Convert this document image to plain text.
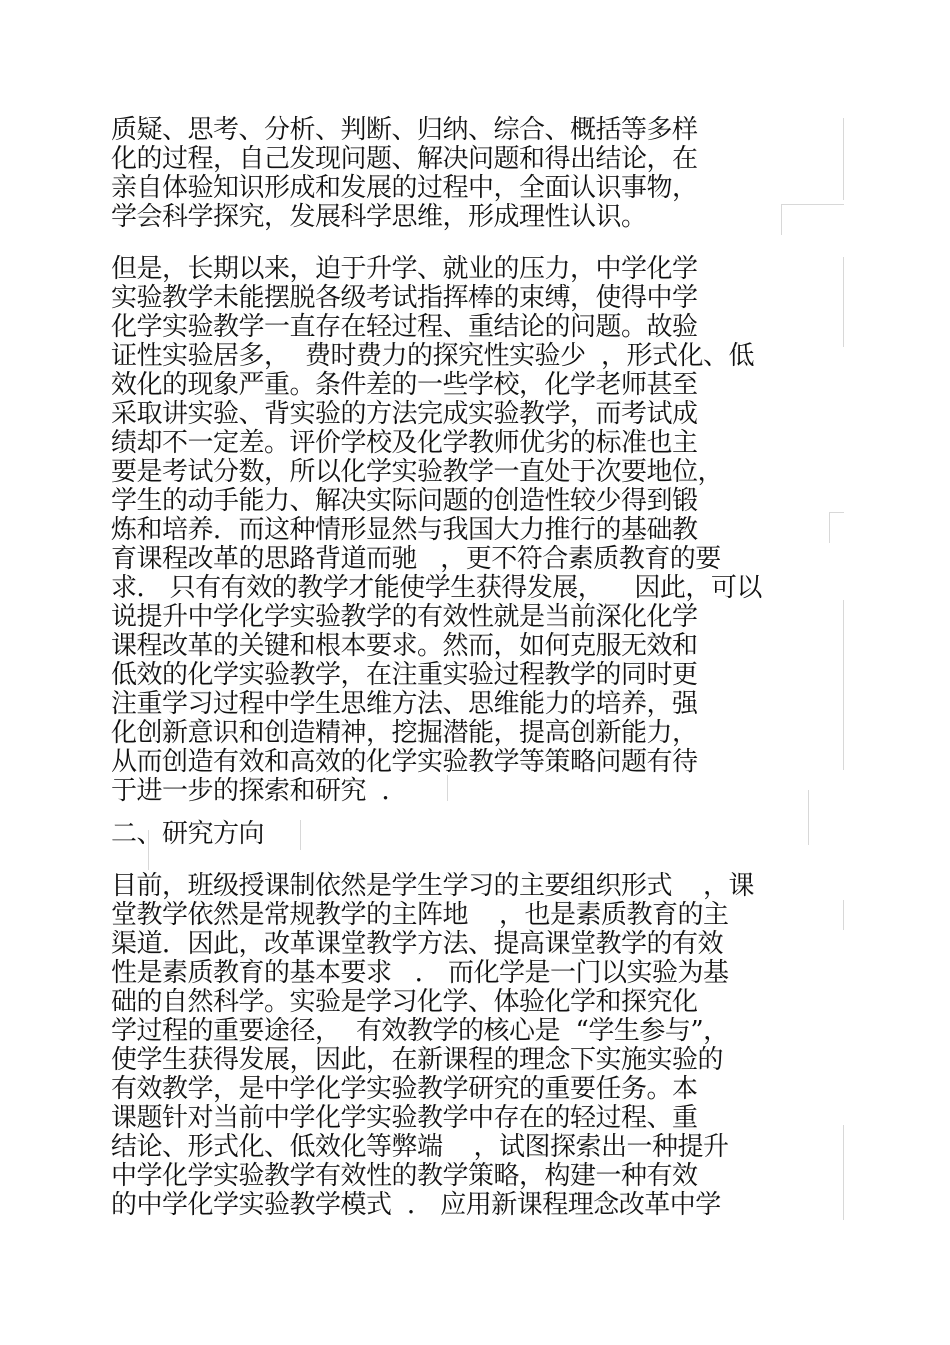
质疑、思考、分析、判断、归纳、综合、概括等多样
化的过程，自己发现问题、解决问题和得出结论，在
亲自体验知识形成和发展的过程中，全面认识事物，
学会科学探究，发展科学思维，形成理性认识。
但是，长期以来，迫于升学、就业的压力，中学化学
实验教学未能摆脱各级考试指挥棒的束缚，使得中学
化学实验教学一直存在轻过程、重结论的问题。故验
证性实验居多，  费时费力的探究性实验少  ，形式化、低
效化的现象严重。条件差的一些学校，化学老师甚至
采取讲实验、背实验的方法完成实验教学，而考试成
绩却不一定差。评价学校及化学教师优劣的标准也主
要是考试分数，所以化学实验教学一直处于次要地位，
学生的动手能力、解决实际问题的创造性较少得到锻
炼和培养．而这种情形显然与我国大力推行的基础教
育课程改革的思路背道而驰   ，更不符合素质教育的要
求． 只有有效的教学才能使学生获得发展，    因此，可以
说提升中学化学实验教学的有效性就是当前深化化学
课程改革的关键和根本要求。然而，如何克服无效和
低效的化学实验教学，在注重实验过程教学的同时更
注重学习过程中学生思维方法、思维能力的培养，强
化创新意识和创造精神，挖掘潜能，提高创新能力，
从而创造有效和高效的化学实验教学等策略问题有待
于进一步的探索和研究  ．
二、研究方向
目前，班级授课制依然是学生学习的主要组织形式    ，课
堂教学依然是常规教学的主阵地    ，也是素质教育的主
渠道．因此，改革课堂教学方法、提高课堂教学的有效
性是素质教育的基本要求   ． 而化学是一门以实验为基
础的自然科学。实验是学习化学、体验化学和探究化
学过程的重要途径，  有效教学的核心是  “学生参与”，
使学生获得发展，因此，在新课程的理念下实施实验的
有效教学，是中学化学实验教学研究的重要任务。本
课题针对当前中学化学实验教学中存在的轻过程、重
结论、形式化、低效化等弊端    ，试图探索出一种提升
中学化学实验教学有效性的教学策略，构建一种有效
的中学化学实验教学模式  ． 应用新课程理念改革中学
